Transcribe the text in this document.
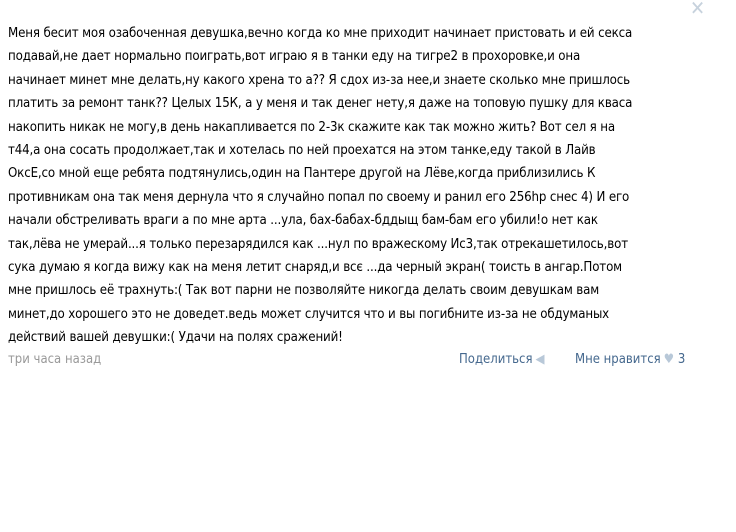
✕
Меня бесит моя озабоченная девушка,вечно когда ко мне приходит начинает пристовать и ей секса
подавай,не дает нормально поиграть,вот играю я в танки еду на тигре2 в прохоровке,и она
начинает минет мне делать,ну какого хрена то а?? Я сдох из-за нее,и знаете сколько мне пришлось
платить за ремонт танк?? Целых 15К, а у меня и так денег нету,я даже на топовую пушку для кваса
накопить никак не могу,в день накапливается по 2-3к скажите как так можно жить? Вот сел я на
т44,а она сосать продолжает,так и хотелась по ней проехатся на этом танке,еду такой в Лайв
ОксЕ,со мной еще ребята подтянулись,один на Пантере другой на Лёве,когда приблизились К
противникам она так меня дернула что я случайно попал по своему и ранил его 256hp снес 4) И его
начали обстреливать враги а по мне арта ...ула, бах-бабах-бддыщ бам-бам его убили!о нет как
так,лёва не умерай...я только перезарядился как ...нул по вражескому Ис3,так отрекашетилось,вот
сука думаю я когда вижу как на меня летит снаряд,и всє ...да черный экран( тоисть в ангар.Потом
мне пришлось её трахнуть:( Так вот парни не позволяйте никогда делать своим девушкам вам
минет,до хорошего это не доведет.ведь может случится что и вы погибните из-за не обдуманых
действий вашей девушки:( Удачи на полях сражений!
три часа назад	Поделиться ◀ Мне нравится ♥ 3
